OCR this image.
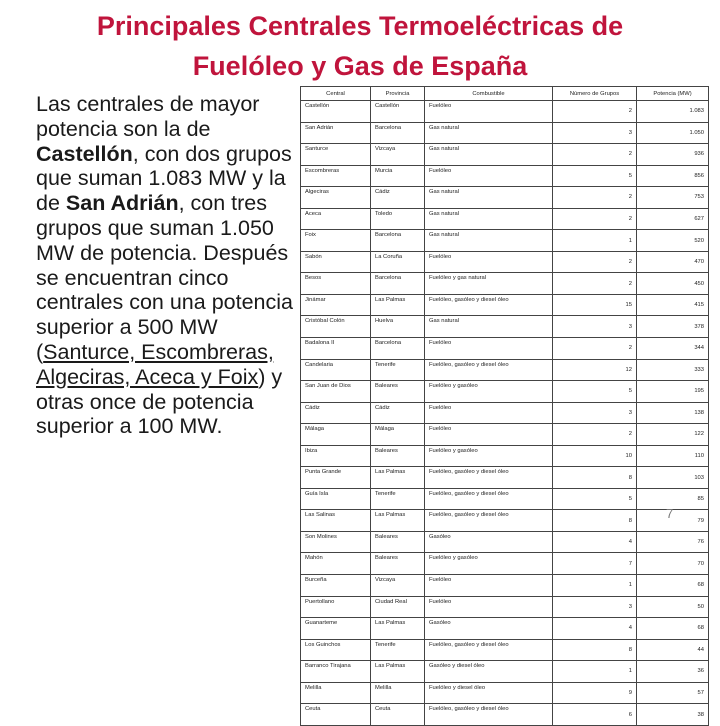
Principales Centrales Termoeléctricas de
Fuelóleo y Gas de España
Las centrales de mayor potencia son la de Castellón, con dos grupos que suman 1.083 MW y la de San Adrián, con tres grupos que suman 1.050 MW de potencia. Después se encuentran cinco centrales con una potencia superior a 500 MW (Santurce, Escombreras, Algeciras, Aceca y Foix) y otras once de potencia superior a 100 MW.
Central	Provincia	Combustible	Número de Grupos	Potencia (MW)
Castellón	Castellón	Fuelóleo	2	1.083
San Adrián	Barcelona	Gas natural	3	1.050
Santurce	Vizcaya	Gas natural	2	936
Escombreras	Murcia	Fuelóleo	5	856
Algeciras	Cádiz	Gas natural	2	753
Aceca	Toledo	Gas natural	2	627
Foix	Barcelona	Gas natural	1	520
Sabón	La Coruña	Fuelóleo	2	470
Besos	Barcelona	Fuelóleo y gas natural	2	450
Jinámar	Las Palmas	Fuelóleo, gasóleo y diesel óleo	15	415
Cristóbal Colón	Huelva	Gas natural	3	378
Badalona II	Barcelona	Fuelóleo	2	344
Candelaria	Tenerife	Fuelóleo, gasóleo y diesel óleo	12	333
San Juan de Dios	Baleares	Fuelóleo y gasóleo	5	195
Cádiz	Cádiz	Fuelóleo	3	138
Málaga	Málaga	Fuelóleo	2	122
Ibiza	Baleares	Fuelóleo y gasóleo	10	110
Punta Grande	Las Palmas	Fuelóleo, gasóleo y diesel óleo	8	103
Guía Isla	Tenerife	Fuelóleo, gasóleo y diesel óleo	5	85
Las Salinas	Las Palmas	Fuelóleo, gasóleo y diesel óleo	8	79
Son Molines	Baleares	Gasóleo	4	76
Mahón	Baleares	Fuelóleo y gasóleo	7	70
Burceña	Vizcaya	Fuelóleo	1	68
Puertollano	Ciudad Real	Fuelóleo	3	50
Guanarteme	Las Palmas	Gasóleo	4	68
Los Guinchos	Tenerife	Fuelóleo, gasóleo y diesel óleo	8	44
Barranco Tirajana	Las Palmas	Gasóleo y diesel óleo	1	36
Melilla	Melilla	Fuelóleo y diesel óleo	9	57
Ceuta	Ceuta	Fuelóleo, gasóleo y diesel óleo	6	38
7
